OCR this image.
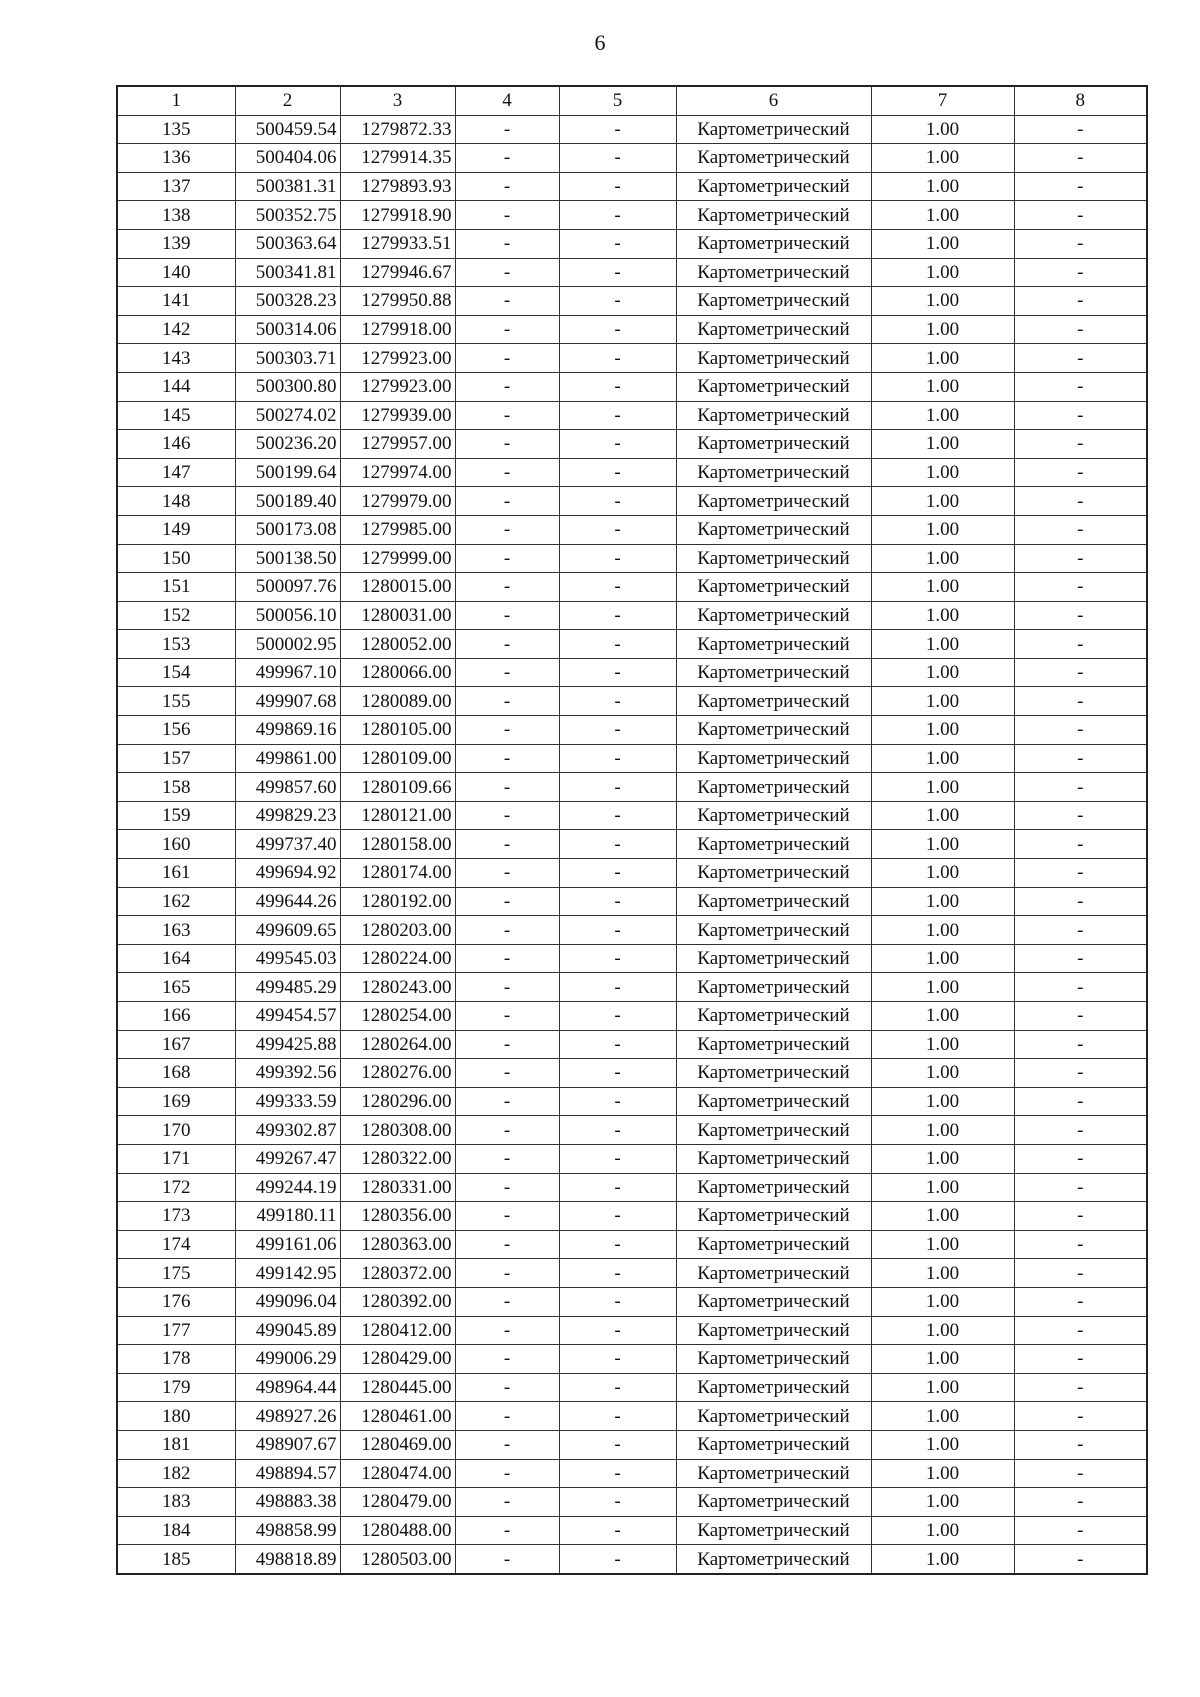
6
1	2	3	4	5	6	7	8
135	500459.54	1279872.33	-	-	Картометрический	1.00	-
136	500404.06	1279914.35	-	-	Картометрический	1.00	-
137	500381.31	1279893.93	-	-	Картометрический	1.00	-
138	500352.75	1279918.90	-	-	Картометрический	1.00	-
139	500363.64	1279933.51	-	-	Картометрический	1.00	-
140	500341.81	1279946.67	-	-	Картометрический	1.00	-
141	500328.23	1279950.88	-	-	Картометрический	1.00	-
142	500314.06	1279918.00	-	-	Картометрический	1.00	-
143	500303.71	1279923.00	-	-	Картометрический	1.00	-
144	500300.80	1279923.00	-	-	Картометрический	1.00	-
145	500274.02	1279939.00	-	-	Картометрический	1.00	-
146	500236.20	1279957.00	-	-	Картометрический	1.00	-
147	500199.64	1279974.00	-	-	Картометрический	1.00	-
148	500189.40	1279979.00	-	-	Картометрический	1.00	-
149	500173.08	1279985.00	-	-	Картометрический	1.00	-
150	500138.50	1279999.00	-	-	Картометрический	1.00	-
151	500097.76	1280015.00	-	-	Картометрический	1.00	-
152	500056.10	1280031.00	-	-	Картометрический	1.00	-
153	500002.95	1280052.00	-	-	Картометрический	1.00	-
154	499967.10	1280066.00	-	-	Картометрический	1.00	-
155	499907.68	1280089.00	-	-	Картометрический	1.00	-
156	499869.16	1280105.00	-	-	Картометрический	1.00	-
157	499861.00	1280109.00	-	-	Картометрический	1.00	-
158	499857.60	1280109.66	-	-	Картометрический	1.00	-
159	499829.23	1280121.00	-	-	Картометрический	1.00	-
160	499737.40	1280158.00	-	-	Картометрический	1.00	-
161	499694.92	1280174.00	-	-	Картометрический	1.00	-
162	499644.26	1280192.00	-	-	Картометрический	1.00	-
163	499609.65	1280203.00	-	-	Картометрический	1.00	-
164	499545.03	1280224.00	-	-	Картометрический	1.00	-
165	499485.29	1280243.00	-	-	Картометрический	1.00	-
166	499454.57	1280254.00	-	-	Картометрический	1.00	-
167	499425.88	1280264.00	-	-	Картометрический	1.00	-
168	499392.56	1280276.00	-	-	Картометрический	1.00	-
169	499333.59	1280296.00	-	-	Картометрический	1.00	-
170	499302.87	1280308.00	-	-	Картометрический	1.00	-
171	499267.47	1280322.00	-	-	Картометрический	1.00	-
172	499244.19	1280331.00	-	-	Картометрический	1.00	-
173	499180.11	1280356.00	-	-	Картометрический	1.00	-
174	499161.06	1280363.00	-	-	Картометрический	1.00	-
175	499142.95	1280372.00	-	-	Картометрический	1.00	-
176	499096.04	1280392.00	-	-	Картометрический	1.00	-
177	499045.89	1280412.00	-	-	Картометрический	1.00	-
178	499006.29	1280429.00	-	-	Картометрический	1.00	-
179	498964.44	1280445.00	-	-	Картометрический	1.00	-
180	498927.26	1280461.00	-	-	Картометрический	1.00	-
181	498907.67	1280469.00	-	-	Картометрический	1.00	-
182	498894.57	1280474.00	-	-	Картометрический	1.00	-
183	498883.38	1280479.00	-	-	Картометрический	1.00	-
184	498858.99	1280488.00	-	-	Картометрический	1.00	-
185	498818.89	1280503.00	-	-	Картометрический	1.00	-
